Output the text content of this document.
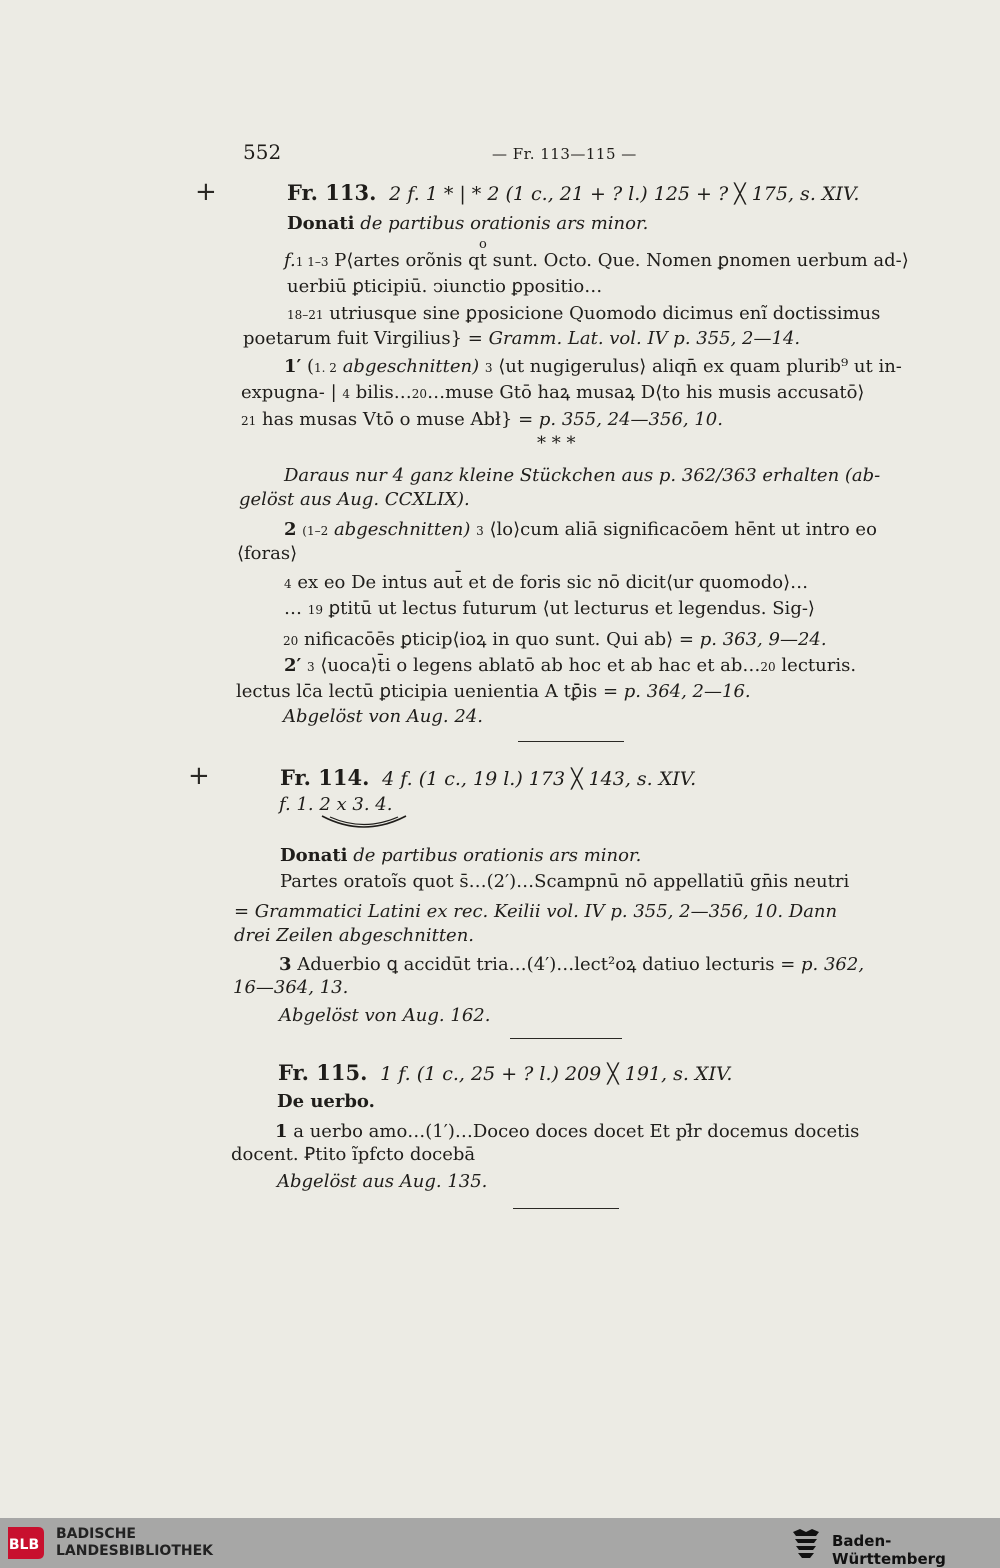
552	— Fr. 113—115 —
+	Fr. 113. 2 f. 1 * | * 2 (1 c., 21 + ? l.) 125 + ? ╳ 175, s. XIV.
Donati de partibus orationis ars minor.
o
f.1 1–3 P⟨artes orõnis qt sunt. Octo. Que. Nomen ꝑnomen uerbum ad-⟩
uerbiū ꝑticipiū. ↄiunctio ꝑpositio…
18–21 utriusque sine ꝑposicione Quomodo dicimus enĩ doctissimus
poetarum fuit Virgilius} = Gramm. Lat. vol. IV p. 355, 2—14.
1′ (1. 2 abgeschnitten) 3 ⟨ut nugigerulus⟩ aliqn̄ ex quam plurib⁹ ut in-
expugna- | 4 bilis…20…muse Gtō haꝝ musaꝝ D⟨to his musis accusatō⟩
21 has musas Vtō o muse Abł} = p. 355, 24—356, 10.
* * *
Daraus nur 4 ganz kleine Stückchen aus p. 362/363 erhalten (ab-
gelöst aus Aug. CCXLIX).
2 (1–2 abgeschnitten) 3 ⟨lo⟩cum aliā significacōem hēnt ut intro eo
⟨foras⟩
4 ex eo De intus aut̄ et de foris sic nō dicit⟨ur quomodo⟩…
… 19 ꝑtitū ut lectus futurum ⟨ut lecturus et legendus. Sig-⟩
20 nificacōēs ꝑticip⟨ioꝝ in quo sunt. Qui ab⟩ = p. 363, 9—24.
2′ 3 ⟨uoca⟩t̄i o legens ablatō ab hoc et ab hac et ab…20 lecturis.
lectus lc̄a lectū ꝑticipia uenientia A tꝑ̄is = p. 364, 2—16.
Abgelöst von Aug. 24.
+	Fr. 114. 4 f. (1 c., 19 l.) 173 ╳ 143, s. XIV.
f. 1. 2 x 3. 4.
Donati de partibus orationis ars minor.
Partes oratoĩs quot s̄…(2′)…Scampnū nō appellatiū gn̄is neutri
= Grammatici Latini ex rec. Keilii vol. IV p. 355, 2—356, 10. Dann
drei Zeilen abgeschnitten.
3 Aduerbio ꝗ accidūt tria…(4′)…lect²oꝝ datiuo lecturis = p. 362,
16—364, 13.
Abgelöst von Aug. 162.
Fr. 115. 1 f. (1 c., 25 + ? l.) 209 ╳ 191, s. XIV.
De uerbo.
1 a uerbo amo…(1′)…Doceo doces docet Et pł̄r docemus docetis
docent. Ꝑtito ĩpfcto docebā
Abgelöst aus Aug. 135.
BLB
BADISCHE
LANDESBIBLIOTHEK
Baden-Württemberg
